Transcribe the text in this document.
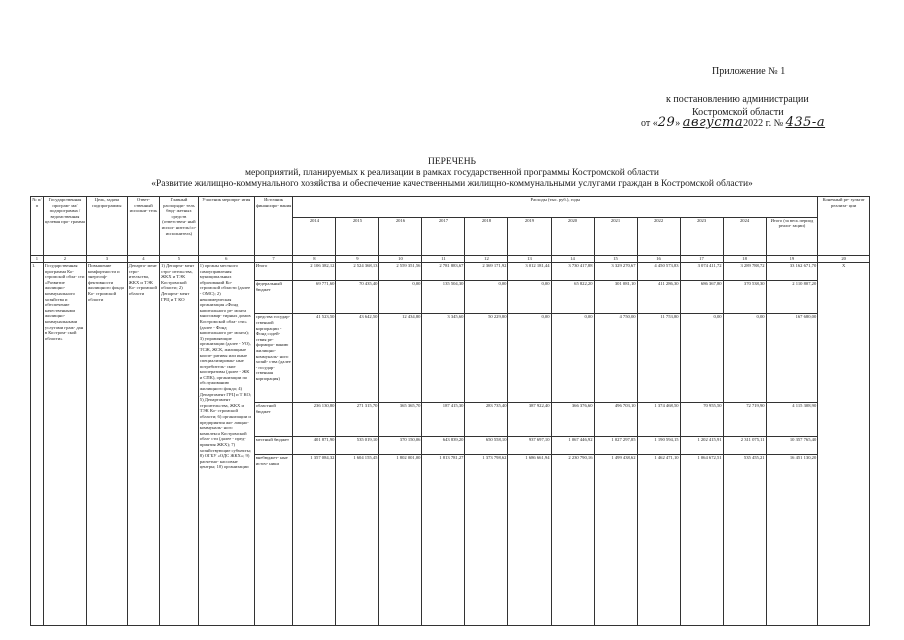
Приложение № 1
к постановлению администрации
Костромской области
от «29» августа2022 г. № 435-а
ПЕРЕЧЕНЬ
мероприятий, планируемых к реализации в рамках государственной программы Костромской области
«Развитие жилищно-коммунального хозяйства и обеспечение качественными жилищно-коммунальными услугами граждан в Костромской области»
№ п/п	Государственная програм- ма/подпрограмма /ведомственная целевая про- грамма	Цель, задача подпрограммы	Ответ- ственный исполни- тель	Главный распоряди- тель бюд- жетных средств (ответствен- ный испол- нитель/со- исполнитель)	Участник меропри- ятия	Источник финансиро- вания	Расходы (тыс. руб.), годы												Конечный ре- зультат реализа- ции
							2014	2015	2016	2017	2018	2019	2020	2021	2022	2023	2024	Итого (за весь период реали- зации)	
1	2	3	4	5	6	7	8	9	10	11	12	13	14	15	16	17	18	19	20
1.	Государственная программа Ко- стромской обла- сти «Развитие жилищно- коммунального хозяйства и обеспечение качественными жилищно- коммунальными услугами граж- дан в Костром- ской области»	Повышение комфортности и энергоэф- фективности жилищного фонда Ко- стромской области	Департа- мент стро- ительства, ЖКХ и ТЭК Ко- стромской области	1) Департа- мент стро- ительства, ЖКХ и ТЭК Костромской области; 2) Департа- мент ГРЦ и Т КО	1) органы местного самоуправления муниципальных образований Ко- стромской области (далее - ОМС); 2) некоммерческая организация «Фонд капитального ре- монта многоквар- тирных домов Костромской обла- сти» (далее - Фонд капитального ре- монта); 3) управляющие организации (далее - УО), ТСЖ, ЖСК, жилищные коопе- ративы или иные специализирован- ные потребитель- ские кооперативы (далее - ЖК и СПК), организации по обслуживанию жилищного фонда; 4) Департамент ГРЦ и Т КО; 5) Департамент строительства, ЖКХ и ТЭК Ко- стромской области; 6) организации и предприятия жи- лищно-коммуналь- ного комплекса Костромской обла- сти (далее - пред- приятия ЖКХ); 7) хозяйствующие субъекты; 8) ОГБУ «ОДС ЖКХ»; 9) расчетно- кассовые центры; 10) организации	Итого	2 106 382,12	2 524 368,13	2 559 351,56	2 781 883,67	2 369 171,92	3 012 181,44	3 730 417,88	3 329 270,67	4 450 573,83	3 074 411,72	3 289 788,72	33 162 671,70	Х
						федеральный бюджет	69 771,60	70 435,40	0,00	135 504,30	0,00	0,00	65 822,20	301 081,10	411 286,30	686 367,80	370 538,30	2 110 807,20	
						средства государ- ственной корпорации - Фонд содей- ствия ре- формиро- ванию жилищно- коммуналь- ного хозяй- ства (далее - государ- ственная корпорация)	41 523,50	43 642,50	12 434,80	3 345,60	50 229,80	0,00	0,00	4 750,00	11 753,80	0,00	0,00	167 680,00	
						областной бюджет	236 130,80	271 315,70	365 365,70	187 415,30	283 735,40	387 922,40	366 376,60	496 703,10	1 374 468,50	70 955,50	72 719,90	4 115 308,90	
						местный бюджет	401 871,90	535 019,10	370 150,06	643 839,20	650 558,10	937 697,10	1 067 446,92	1 027 297,85	1 190 594,15	1 202 415,91	2 311 075,11	10 357 765,40	
						внебюджет- ные источ- ники	1 357 084,32	1 604 155,45	1 802 001,00	1 813 781,27	1 373 798,62	1 686 661,94	2 230 790,16	1 499 438,62	1 462 471,10	1 064 672,51	535 455,21	16 451 130,20	
